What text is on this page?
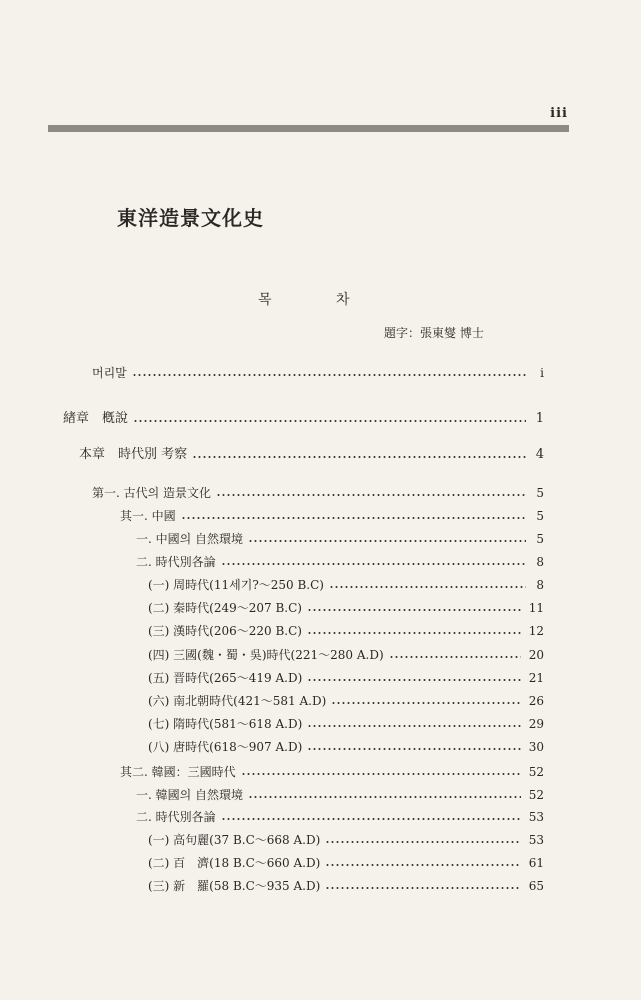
iii
東洋造景文化史
목 차
題字：張東燮 博士
머리말	i
緖章　槪說	1
本章　時代別 考察	4
第一. 古代의 造景文化	5
其一. 中國	5
一. 中國의 自然環境	5
二. 時代別各論	8
(一) 周時代(11세기?～250 B.C)	8
(二) 秦時代(249～207 B.C)	11
(三) 漢時代(206～220 B.C)	12
(四) 三國(魏・蜀・吳)時代(221～280 A.D)	20
(五) 晋時代(265～419 A.D)	21
(六) 南北朝時代(421～581 A.D)	26
(七) 隋時代(581～618 A.D)	29
(八) 唐時代(618～907 A.D)	30
其二. 韓國：三國時代	52
一. 韓國의 自然環境	52
二. 時代別各論	53
(一) 高句麗(37 B.C～668 A.D)	53
(二) 百　濟(18 B.C～660 A.D)	61
(三) 新　羅(58 B.C～935 A.D)	65
